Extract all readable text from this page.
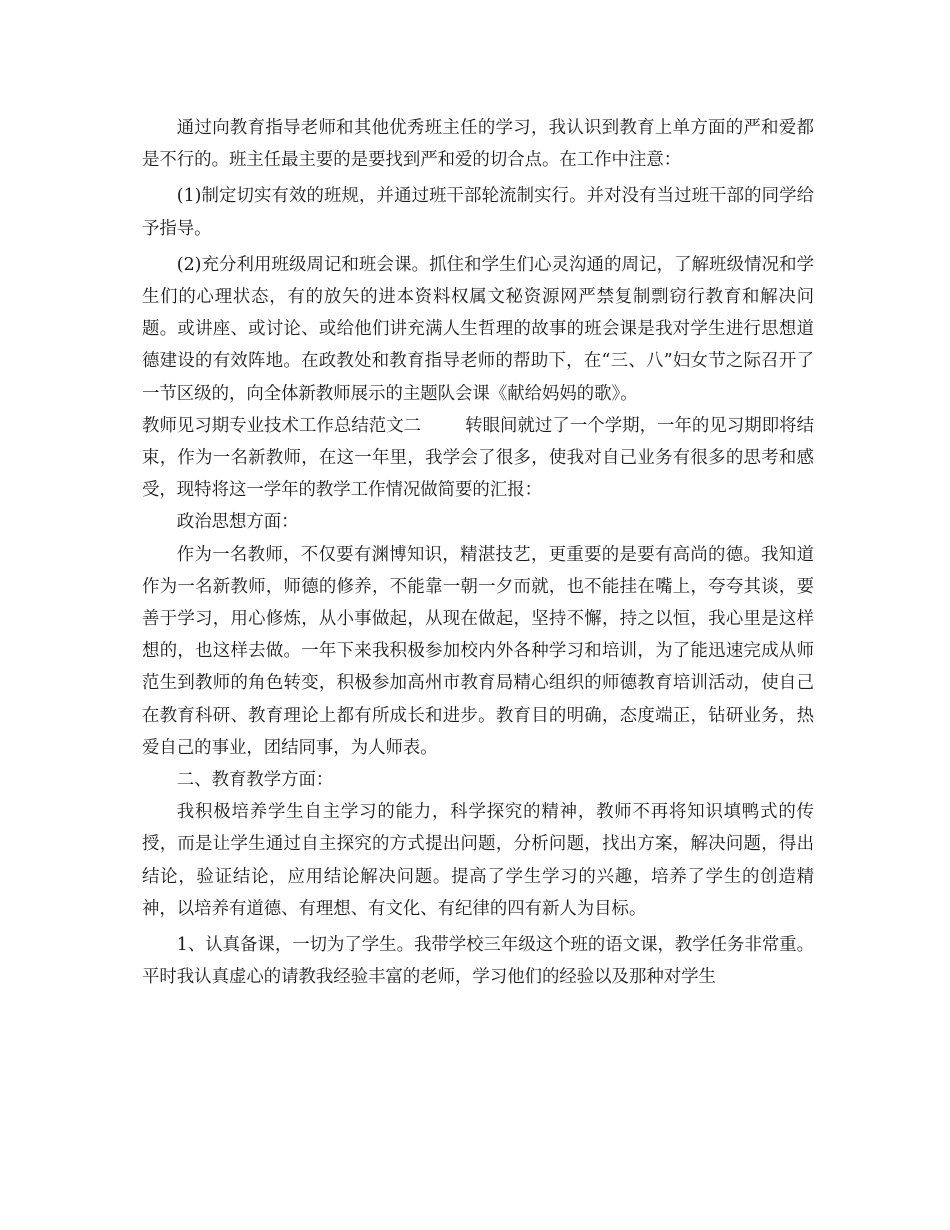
通过向教育指导老师和其他优秀班主任的学习，我认识到教育上单方面的严和爱都是不行的。班主任最主要的是要找到严和爱的切合点。在工作中注意：

(1)制定切实有效的班规，并通过班干部轮流制实行。并对没有当过班干部的同学给予指导。

(2)充分利用班级周记和班会课。抓住和学生们心灵沟通的周记，了解班级情况和学生们的心理状态，有的放矢的进本资料权属文秘资源网严禁复制剽窃行教育和解决问题。或讲座、或讨论、或给他们讲充满人生哲理的故事的班会课是我对学生进行思想道德建设的有效阵地。在政教处和教育指导老师的帮助下，在“三、八”妇女节之际召开了一节区级的，向全体新教师展示的主题队会课《献给妈妈的歌》。

教师见习期专业技术工作总结范文二	转眼间就过了一个学期，一年的见习期即将结束，作为一名新教师，在这一年里，我学会了很多，使我对自己业务有很多的思考和感受，现特将这一学年的教学工作情况做简要的汇报：

政治思想方面：

作为一名教师，不仅要有渊博知识，精湛技艺，更重要的是要有高尚的德。我知道作为一名新教师，师德的修养，不能靠一朝一夕而就，也不能挂在嘴上，夸夸其谈，要善于学习，用心修炼，从小事做起，从现在做起，坚持不懈，持之以恒，我心里是这样想的，也这样去做。一年下来我积极参加校内外各种学习和培训，为了能迅速完成从师范生到教师的角色转变，积极参加高州市教育局精心组织的师德教育培训活动，使自己在教育科研、教育理论上都有所成长和进步。教育目的明确，态度端正，钻研业务，热爱自己的事业，团结同事，为人师表。

二、教育教学方面：

我积极培养学生自主学习的能力，科学探究的精神，教师不再将知识填鸭式的传授，而是让学生通过自主探究的方式提出问题，分析问题，找出方案，解决问题，得出结论，验证结论，应用结论解决问题。提高了学生学习的兴趣，培养了学生的创造精神，以培养有道德、有理想、有文化、有纪律的四有新人为目标。

1、认真备课，一切为了学生。我带学校三年级这个班的语文课，教学任务非常重。平时我认真虚心的请教我经验丰富的老师，学习他们的经验以及那种对学生
